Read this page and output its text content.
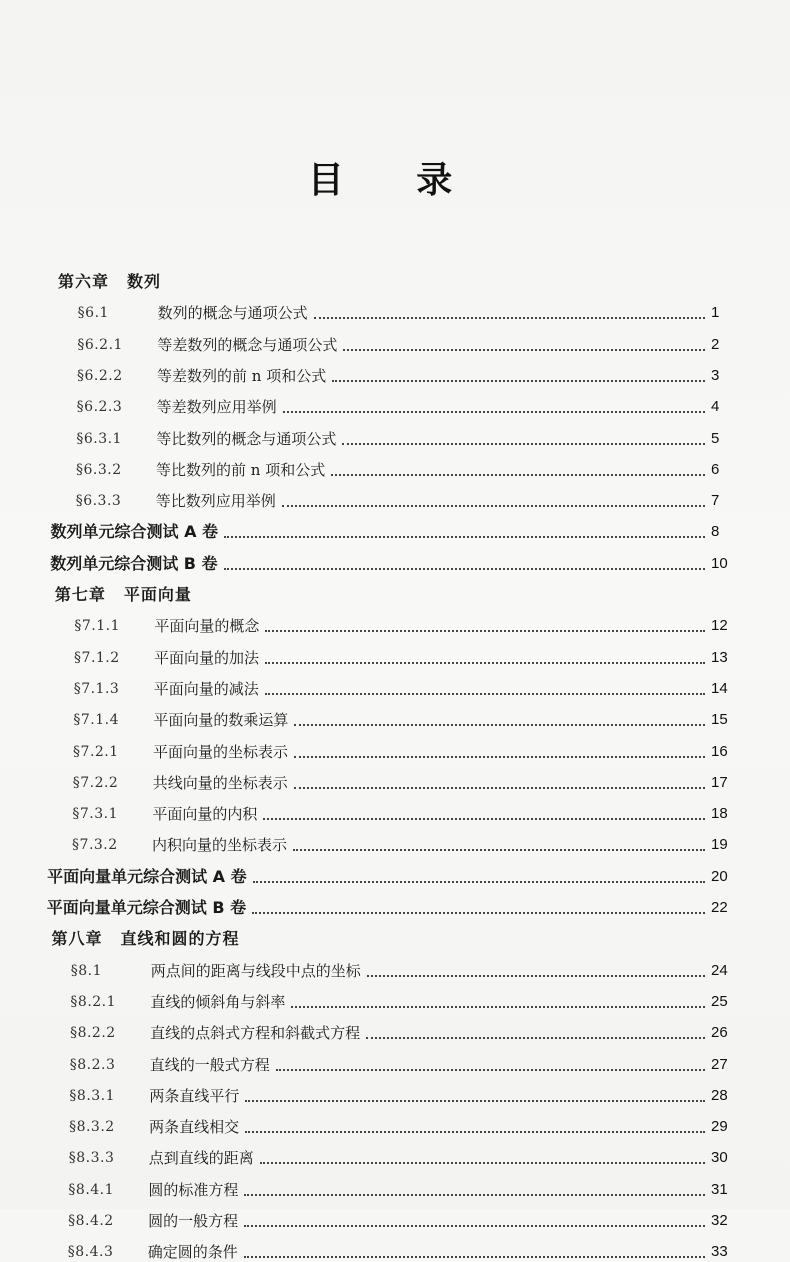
目 录
第六章 数列
§6.1	数列的概念与通项公式	1
§6.2.1	等差数列的概念与通项公式	2
§6.2.2	等差数列的前 n 项和公式	3
§6.2.3	等差数列应用举例	4
§6.3.1	等比数列的概念与通项公式	5
§6.3.2	等比数列的前 n 项和公式	6
§6.3.3	等比数列应用举例	7
数列单元综合测试 A 卷	8
数列单元综合测试 B 卷	10
第七章 平面向量
§7.1.1	平面向量的概念	12
§7.1.2	平面向量的加法	13
§7.1.3	平面向量的减法	14
§7.1.4	平面向量的数乘运算	15
§7.2.1	平面向量的坐标表示	16
§7.2.2	共线向量的坐标表示	17
§7.3.1	平面向量的内积	18
§7.3.2	内积向量的坐标表示	19
平面向量单元综合测试 A 卷	20
平面向量单元综合测试 B 卷	22
第八章 直线和圆的方程
§8.1	两点间的距离与线段中点的坐标	24
§8.2.1	直线的倾斜角与斜率	25
§8.2.2	直线的点斜式方程和斜截式方程	26
§8.2.3	直线的一般式方程	27
§8.3.1	两条直线平行	28
§8.3.2	两条直线相交	29
§8.3.3	点到直线的距离	30
§8.4.1	圆的标准方程	31
§8.4.2	圆的一般方程	32
§8.4.3	确定圆的条件	33
